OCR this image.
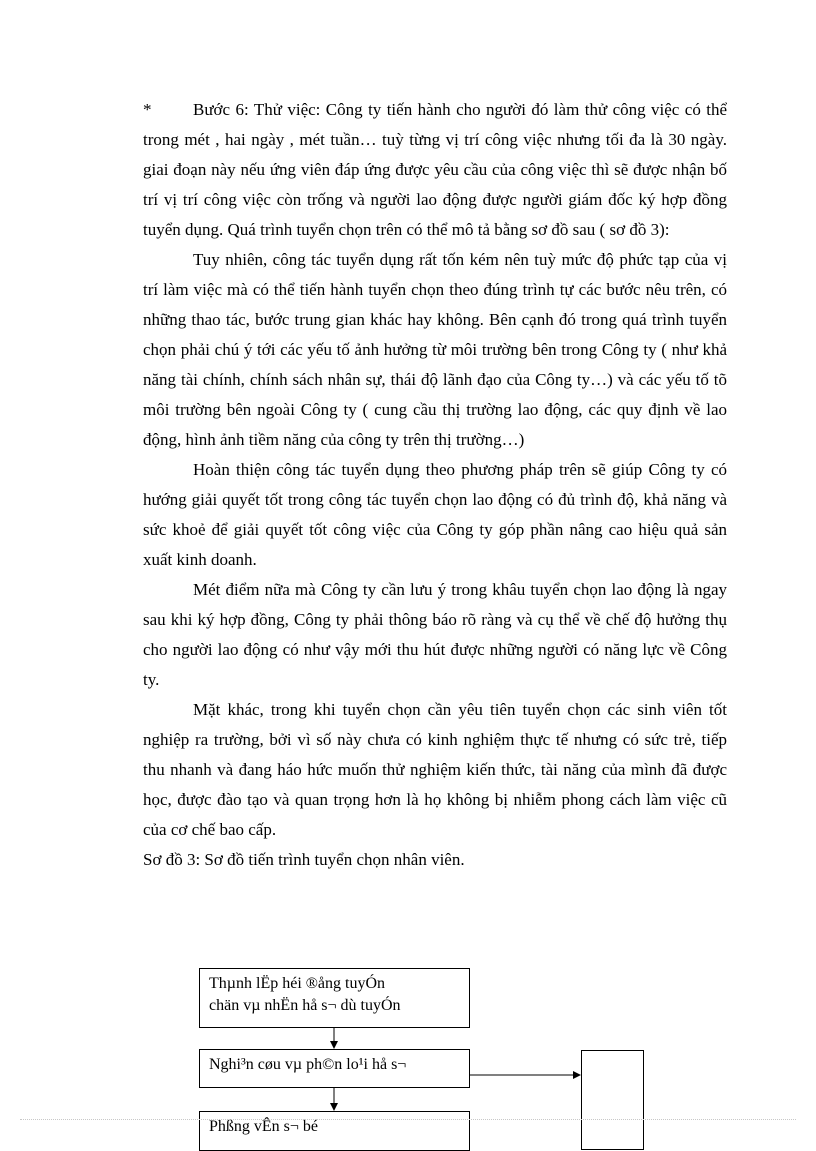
* Bước 6: Thử việc: Công ty tiến hành cho người đó làm thử công việc có thể trong mét , hai ngày , mét tuần… tuỳ từng vị trí công việc nhưng tối đa là 30 ngày. giai đoạn này nếu ứng viên đáp ứng được yêu cầu của công việc thì sẽ được nhận bố trí vị trí công việc còn trống và người lao động được người giám đốc ký hợp đồng tuyển dụng. Quá trình tuyển chọn trên có thể mô tả bằng sơ đồ sau ( sơ đồ 3):

Tuy nhiên, công tác tuyển dụng rất tốn kém nên tuỳ mức độ phức tạp của vị trí làm việc mà có thể tiến hành tuyển chọn theo đúng trình tự các bước nêu trên, có những thao tác, bước trung gian khác hay không. Bên cạnh đó trong quá trình tuyển chọn phải chú ý tới các yếu tố ảnh hưởng từ môi trường bên trong Công ty ( như khả năng tài chính, chính sách nhân sự, thái độ lãnh đạo của Công ty…) và các yếu tố tõ môi trường bên ngoài Công ty ( cung cầu thị trường lao động, các quy định về lao động, hình ảnh tiềm năng của công ty trên thị trường…)

Hoàn thiện công tác tuyển dụng theo phương pháp trên sẽ giúp Công ty có hướng giải quyết tốt trong công tác tuyển chọn lao động có đủ trình độ, khả năng và sức khoẻ để giải quyết tốt công việc của Công ty góp phần nâng cao hiệu quả sản xuất kinh doanh.

Mét điểm nữa mà Công ty cần lưu ý trong khâu tuyển chọn lao động là ngay sau khi ký hợp đồng, Công ty phải thông báo rõ ràng và cụ thể về chế độ hưởng thụ cho người lao động có như vậy mới thu hút được những người có năng lực về Công ty.

Mặt khác, trong khi tuyển chọn cần yêu tiên tuyển chọn các sinh viên tốt nghiệp ra trường, bởi vì số này chưa có kinh nghiệm thực tế nhưng có sức trẻ, tiếp thu nhanh và đang háo hức muốn thử nghiệm kiến thức, tài năng của mình đã được học, được đào tạo và quan trọng hơn là họ không bị nhiễm phong cách làm việc cũ của cơ chế bao cấp.

Sơ đồ 3: Sơ đồ tiến trình tuyển chọn nhân viên.

Thµnh lËp héi ®ång tuyÓn
chän vµ nhËn hå s¬ dù tuyÓn
Nghi³n cøu vµ ph©n lo¹i hå s¬
Phßng vÊn s¬ bé
